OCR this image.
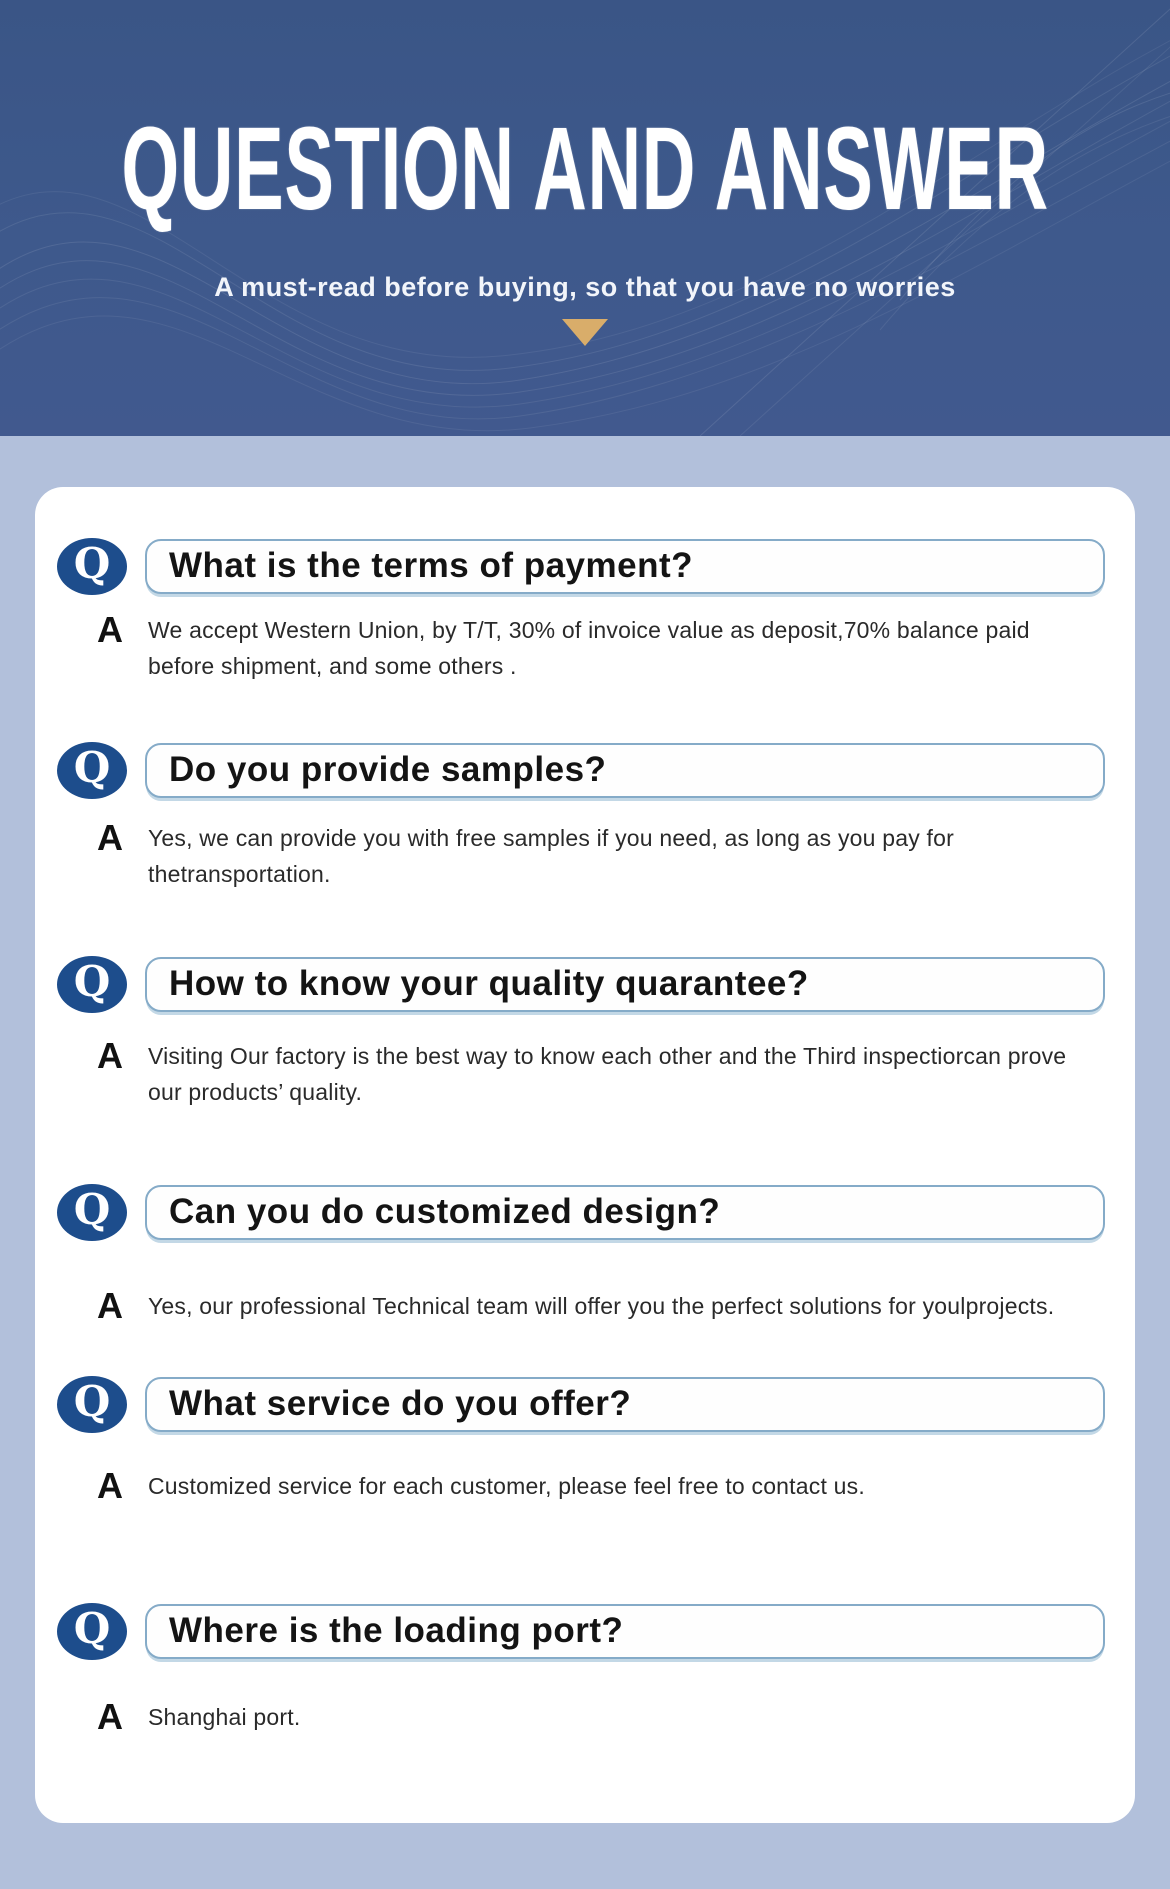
QUESTION AND ANSWER
A must-read before buying, so that you have no worries
Q What is the terms of payment?
A We accept Western Union, by T/T, 30% of invoice value as deposit,70% balance paid before shipment, and some others .
Q Do you provide samples?
A Yes, we can provide you with free samples if you need, as long as you pay for thetransportation.
Q How to know your quality quarantee?
A Visiting Our factory is the best way to know each other and the Third inspectiorcan prove our products’ quality.
Q Can you do customized design?
A Yes, our professional Technical team will offer you the perfect solutions for youlprojects.
Q What service do you offer?
A Customized service for each customer, please feel free to contact us.
Q Where is the loading port?
A Shanghai port.
